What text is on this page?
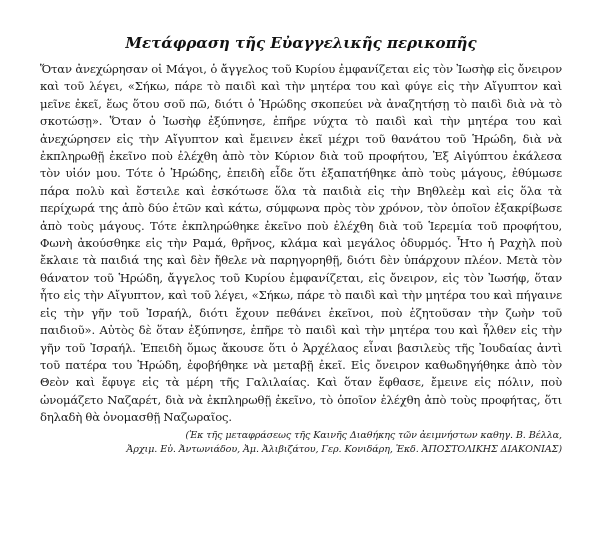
Μετάφραση τῆς Εὐαγγελικῆς περικοπῆς

Ὅταν ἀνεχώρησαν οἱ Μάγοι, ὁ ἄγγελος τοῦ Κυρίου ἐμφανίζεται εἰς τὸν Ἰωσὴφ εἰς ὄνειρον καὶ τοῦ λέγει, «Σήκω, πάρε τὸ παιδὶ καὶ τὴν μητέρα του καὶ φύγε εἰς τὴν Αἴγυπτον καὶ μεῖνε ἐκεῖ, ἕως ὅτου σοῦ πῶ, διότι ὁ Ἡρώδης σκοπεύει νὰ ἀναζητήσῃ τὸ παιδὶ διὰ νὰ τὸ σκοτώσῃ». Ὅταν ὁ Ἰωσὴφ ἐξύπνησε, ἐπῆρε νύχτα τὸ παιδὶ καὶ τὴν μητέρα του καὶ ἀνεχώρησεν εἰς τὴν Αἴγυπτον καὶ ἔμεινεν ἐκεῖ μέχρι τοῦ θανάτου τοῦ Ἡρώδη, διὰ νὰ ἐκπληρωθῇ ἐκεῖνο ποὺ ἐλέχθη ἀπὸ τὸν Κύριον διὰ τοῦ προφήτου, Ἐξ Αἰγύπτου ἐκάλεσα τὸν υἱόν μου. Τότε ὁ Ἡρώδης, ἐπειδὴ εἶδε ὅτι ἐξαπατήθηκε ἀπὸ τοὺς μάγους, ἐθύμωσε πάρα πολὺ καὶ ἔστειλε καὶ ἐσκότωσε ὅλα τὰ παιδιὰ εἰς τὴν Βηθλεὲμ καὶ εἰς ὅλα τὰ περίχωρά της ἀπὸ δύο ἐτῶν καὶ κάτω, σύμφωνα πρὸς τὸν χρόνον, τὸν ὁποῖον ἐξακρίβωσε ἀπὸ τοὺς μάγους. Τότε ἐκπληρώθηκε ἐκεῖνο ποὺ ἐλέχθη διὰ τοῦ Ἱερεμία τοῦ προφήτου, Φωνὴ ἀκούσθηκε εἰς τὴν Ραμά, θρῆνος, κλάμα καὶ μεγάλος ὀδυρμός. Ἦτο ἡ Ραχὴλ ποὺ ἔκλαιε τὰ παιδιά της καὶ δὲν ἤθελε νὰ παρηγορηθῇ, διότι δὲν ὑπάρχουν πλέον. Μετὰ τὸν θάνατον τοῦ Ἡρώδη, ἄγγελος τοῦ Κυρίου ἐμφανίζεται, εἰς ὄνειρον, εἰς τὸν Ἰωσήφ, ὅταν ἦτο εἰς τὴν Αἴγυπτον, καὶ τοῦ λέγει, «Σήκω, πάρε τὸ παιδὶ καὶ τὴν μητέρα του καὶ πήγαινε εἰς τὴν γῆν τοῦ Ἰσραήλ, διότι ἔχουν πεθάνει ἐκεῖνοι, ποὺ ἐζητοῦσαν τὴν ζωὴν τοῦ παιδιοῦ». Αὐτὸς δὲ ὅταν ἐξύπνησε, ἐπῆρε τὸ παιδὶ καὶ τὴν μητέρα του καὶ ἦλθεν εἰς τὴν γῆν τοῦ Ἰσραήλ. Ἐπειδὴ ὅμως ἄκουσε ὅτι ὁ Ἀρχέλαος εἶναι βασιλεὺς τῆς Ἰουδαίας ἀντὶ τοῦ πατέρα του Ἡρώδη, ἐφοβήθηκε νὰ μεταβῇ ἐκεῖ. Εἰς ὄνειρον καθωδηγήθηκε ἀπὸ τὸν Θεὸν καὶ ἔφυγε εἰς τὰ μέρη τῆς Γαλιλαίας. Καὶ ὅταν ἔφθασε, ἔμεινε εἰς πόλιν, ποὺ ὠνομάζετο Ναζαρέτ, διὰ νὰ ἐκπληρωθῇ ἐκεῖνο, τὸ ὁποῖον ἐλέχθη ἀπὸ τοὺς προφήτας, ὅτι δηλαδὴ θὰ ὀνομασθῇ Ναζωραῖος.

(Ἐκ τῆς μεταφράσεως τῆς Καινῆς Διαθήκης τῶν ἀειμνήστων καθηγ. Β. Βέλλα,
Ἀρχιμ. Εὐ. Ἀντωνιάδου, Ἀμ. Ἀλιβιζάτου, Γερ. Κονιδάρη, Ἐκδ. ἈΠΟΣΤΟΛΙΚΗΣ ΔΙΑΚΟΝΙΑΣ)
